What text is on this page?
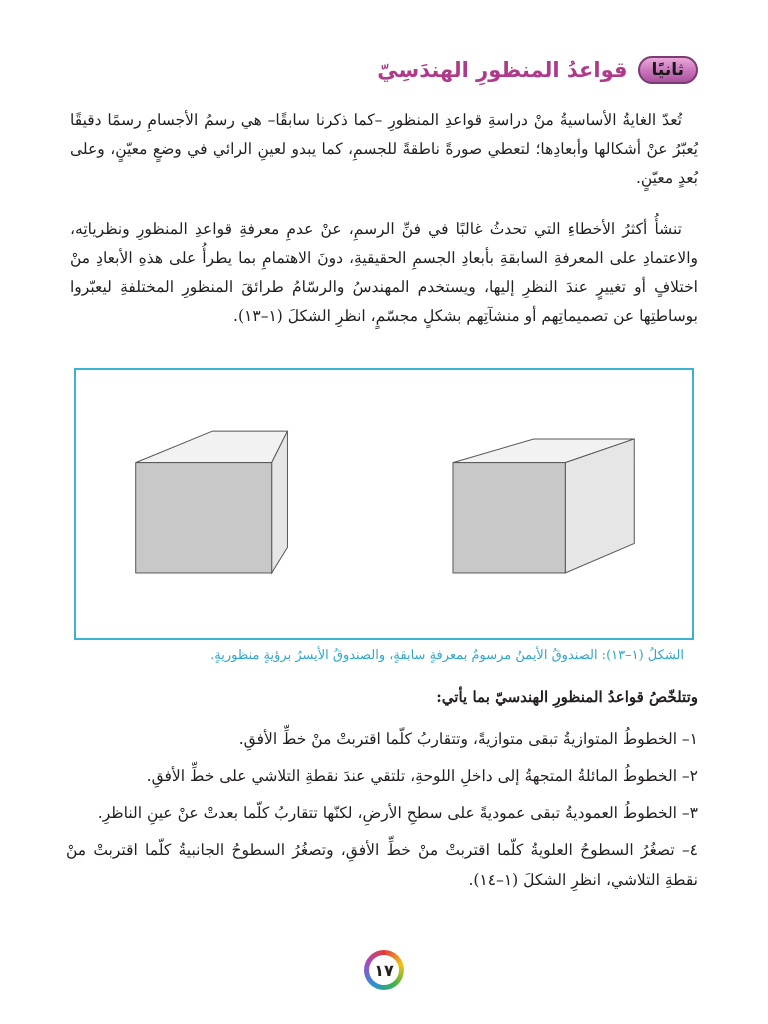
ثانيًا
قواعدُ المنظورِ الهندَسِيّ

تُعدّ الغايةُ الأساسيةُ منْ دراسةِ قواعدِ المنظورِ –كما ذكرنا سابقًا– هي رسمُ الأجسامِ رسمًا دقيقًا يُعبّرُ عنْ أشكالها وأبعادِها؛ لتعطي صورةً ناطقةً للجسمِ، كما يبدو لعينِ الرائي في وضعٍ معيّنٍ، وعلى بُعدٍ معيّنٍ.

تنشأُ أكثرُ الأخطاءِ التي تحدثُ غالبًا في فنِّ الرسمِ، عنْ عدمِ معرفةِ قواعدِ المنظورِ ونظرياتِه، والاعتمادِ على المعرفةِ السابقةِ بأبعادِ الجسمِ الحقيقيةِ، دونَ الاهتمامِ بما يطرأُ على هذهِ الأبعادِ منْ اختلافٍ أو تغييرٍ عندَ النظرِ إليها، ويستخدم المهندسُ والرسّامُ طرائقَ المنظورِ المختلفةِ ليعبّروا بوساطتِها عن تصميماتِهم أو منشآتِهم بشكلٍ مجسّمٍ، انظرِ الشكلَ (١–١٣).

الشكلُ (١–١٣): الصندوقُ الأيمنُ مرسومٌ بمعرفةٍ سابقةٍ، والصندوقُ الأيسرُ برؤيةٍ منظوريةٍ.

وتتلخّصُ قواعدُ المنظورِ الهندسيّ بما يأتي:

١– الخطوطُ المتوازيةُ تبقى متوازيةً، وتتقاربُ كلّما اقتربتْ منْ خطِّ الأفقِ.
٢– الخطوطُ المائلةُ المتجهةُ إلى داخلِ اللوحةِ، تلتقي عندَ نقطةِ التلاشي على خطِّ الأفقِ.
٣– الخطوطُ العموديةُ تبقى عموديةً على سطحِ الأرضِ، لكنّها تتقاربُ كلّما بعدتْ عنْ عينِ الناظرِ.
٤– تصغُرُ السطوحُ العلويةُ كلّما اقتربتْ منْ خطِّ الأفقِ، وتصغُرُ السطوحُ الجانبيةُ كلّما اقتربتْ منْ نقطةِ التلاشي، انظرِ الشكلَ (١–١٤).
١٧
